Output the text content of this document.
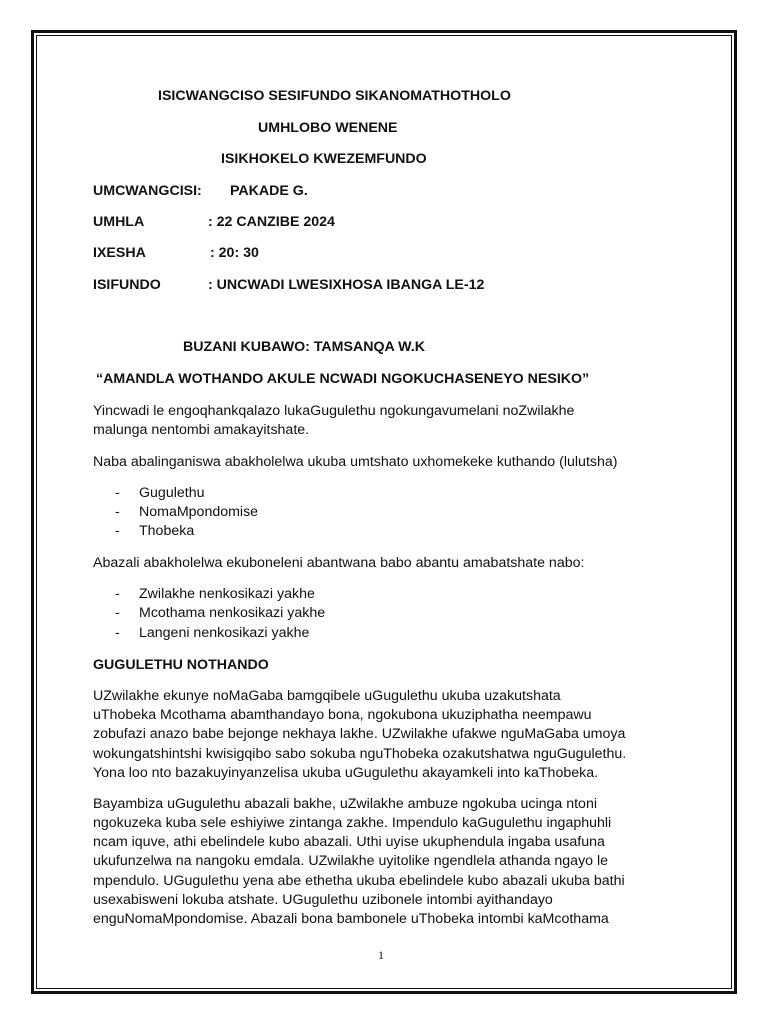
ISICWANGCISO SESIFUNDO SIKANOMATHOTHOLO
UMHLOBO WENENE
ISIKHOKELO KWEZEMFUNDO
UMCWANGCISI: PAKADE G.
UMHLA	: 22 CANZIBE 2024
IXESHA	: 20: 30
ISIFUNDO	: UNCWADI LWESIXHOSA IBANGA LE-12
BUZANI KUBAWO: TAMSANQA W.K
“AMANDLA WOTHANDO AKULE NCWADI NGOKUCHASENEYO NESIKO”
Yincwadi le engoqhankqalazo lukaGugulethu ngokungavumelani noZwilakhe
malunga nentombi amakayitshate.
Naba abalinganiswa abakholelwa ukuba umtshato uxhomekeke kuthando (lulutsha)
- Gugulethu
- NomaMpondomise
- Thobeka
Abazali abakholelwa ekuboneleni abantwana babo abantu amabatshate nabo:
- Zwilakhe nenkosikazi yakhe
- Mcothama nenkosikazi yakhe
- Langeni nenkosikazi yakhe
GUGULETHU NOTHANDO
UZwilakhe ekunye noMaGaba bamgqibele uGugulethu ukuba uzakutshata
uThobeka Mcothama abamthandayo bona, ngokubona ukuziphatha neempawu
zobufazi anazo babe bejonge nekhaya lakhe. UZwilakhe ufakwe nguMaGaba umoya
wokungatshintshi kwisigqibo sabo sokuba nguThobeka ozakutshatwa nguGugulethu.
Yona loo nto bazakuyinyanzelisa ukuba uGugulethu akayamkeli into kaThobeka.
Bayambiza uGugulethu abazali bakhe, uZwilakhe ambuze ngokuba ucinga ntoni
ngokuzeka kuba sele eshiyiwe zintanga zakhe. Impendulo kaGugulethu ingaphuhli
ncam iquve, athi ebelindele kubo abazali. Uthi uyise ukuphendula ingaba usafuna
ukufunzelwa na nangoku emdala. UZwilakhe uyitolike ngendlela athanda ngayo le
mpendulo. UGugulethu yena abe ethetha ukuba ebelindele kubo abazali ukuba bathi
usexabisweni lokuba atshate. UGugulethu uzibonele intombi ayithandayo
enguNomaMpondomise. Abazali bona bambonele uThobeka intombi kaMcothama
1
